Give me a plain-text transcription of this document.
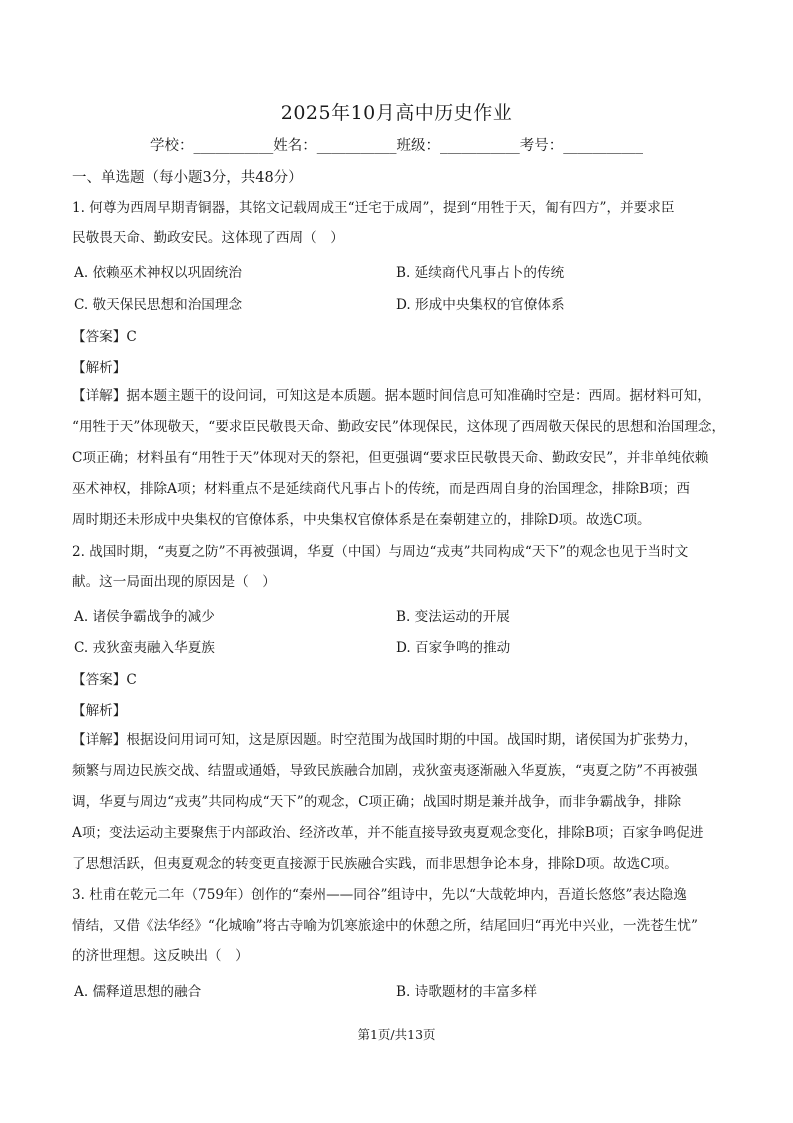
2025年10月高中历史作业
学校：___________姓名：___________班级：___________考号：___________
一、单选题（每小题3分，共48分）
1. 何尊为西周早期青铜器，其铭文记载周成王“迁宅于成周”，提到“用牲于天，匍有四方”，并要求臣
民敬畏天命、勤政安民。这体现了西周（　）
A. 依赖巫术神权以巩固统治	B. 延续商代凡事占卜的传统
C. 敬天保民思想和治国理念	D. 形成中央集权的官僚体系
【答案】C
【解析】
【详解】据本题主题干的设问词，可知这是本质题。据本题时间信息可知准确时空是：西周。据材料可知，
“用牲于天”体现敬天，“要求臣民敬畏天命、勤政安民”体现保民，这体现了西周敬天保民的思想和治国理念，
C项正确；材料虽有“用牲于天”体现对天的祭祀，但更强调“要求臣民敬畏天命、勤政安民”，并非单纯依赖
巫术神权，排除A项；材料重点不是延续商代凡事占卜的传统，而是西周自身的治国理念，排除B项；西
周时期还未形成中央集权的官僚体系，中央集权官僚体系是在秦朝建立的，排除D项。故选C项。
2. 战国时期，“夷夏之防”不再被强调，华夏（中国）与周边“戎夷”共同构成“天下”的观念也见于当时文
献。这一局面出现的原因是（　）
A. 诸侯争霸战争的减少	B. 变法运动的开展
C. 戎狄蛮夷融入华夏族	D. 百家争鸣的推动
【答案】C
【解析】
【详解】根据设问用词可知，这是原因题。时空范围为战国时期的中国。战国时期，诸侯国为扩张势力，
频繁与周边民族交战、结盟或通婚，导致民族融合加剧，戎狄蛮夷逐渐融入华夏族，“夷夏之防”不再被强
调，华夏与周边“戎夷”共同构成“天下”的观念，C项正确；战国时期是兼并战争，而非争霸战争，排除
A项；变法运动主要聚焦于内部政治、经济改革，并不能直接导致夷夏观念变化，排除B项；百家争鸣促进
了思想活跃，但夷夏观念的转变更直接源于民族融合实践，而非思想争论本身，排除D项。故选C项。
3. 杜甫在乾元二年（759年）创作的“秦州——同谷”组诗中，先以“大哉乾坤内，吾道长悠悠”表达隐逸
情结，又借《法华经》“化城喻”将古寺喻为饥寒旅途中的休憩之所，结尾回归“再光中兴业，一洗苍生忧”
的济世理想。这反映出（　）
A. 儒释道思想的融合	B. 诗歌题材的丰富多样
第1页/共13页
